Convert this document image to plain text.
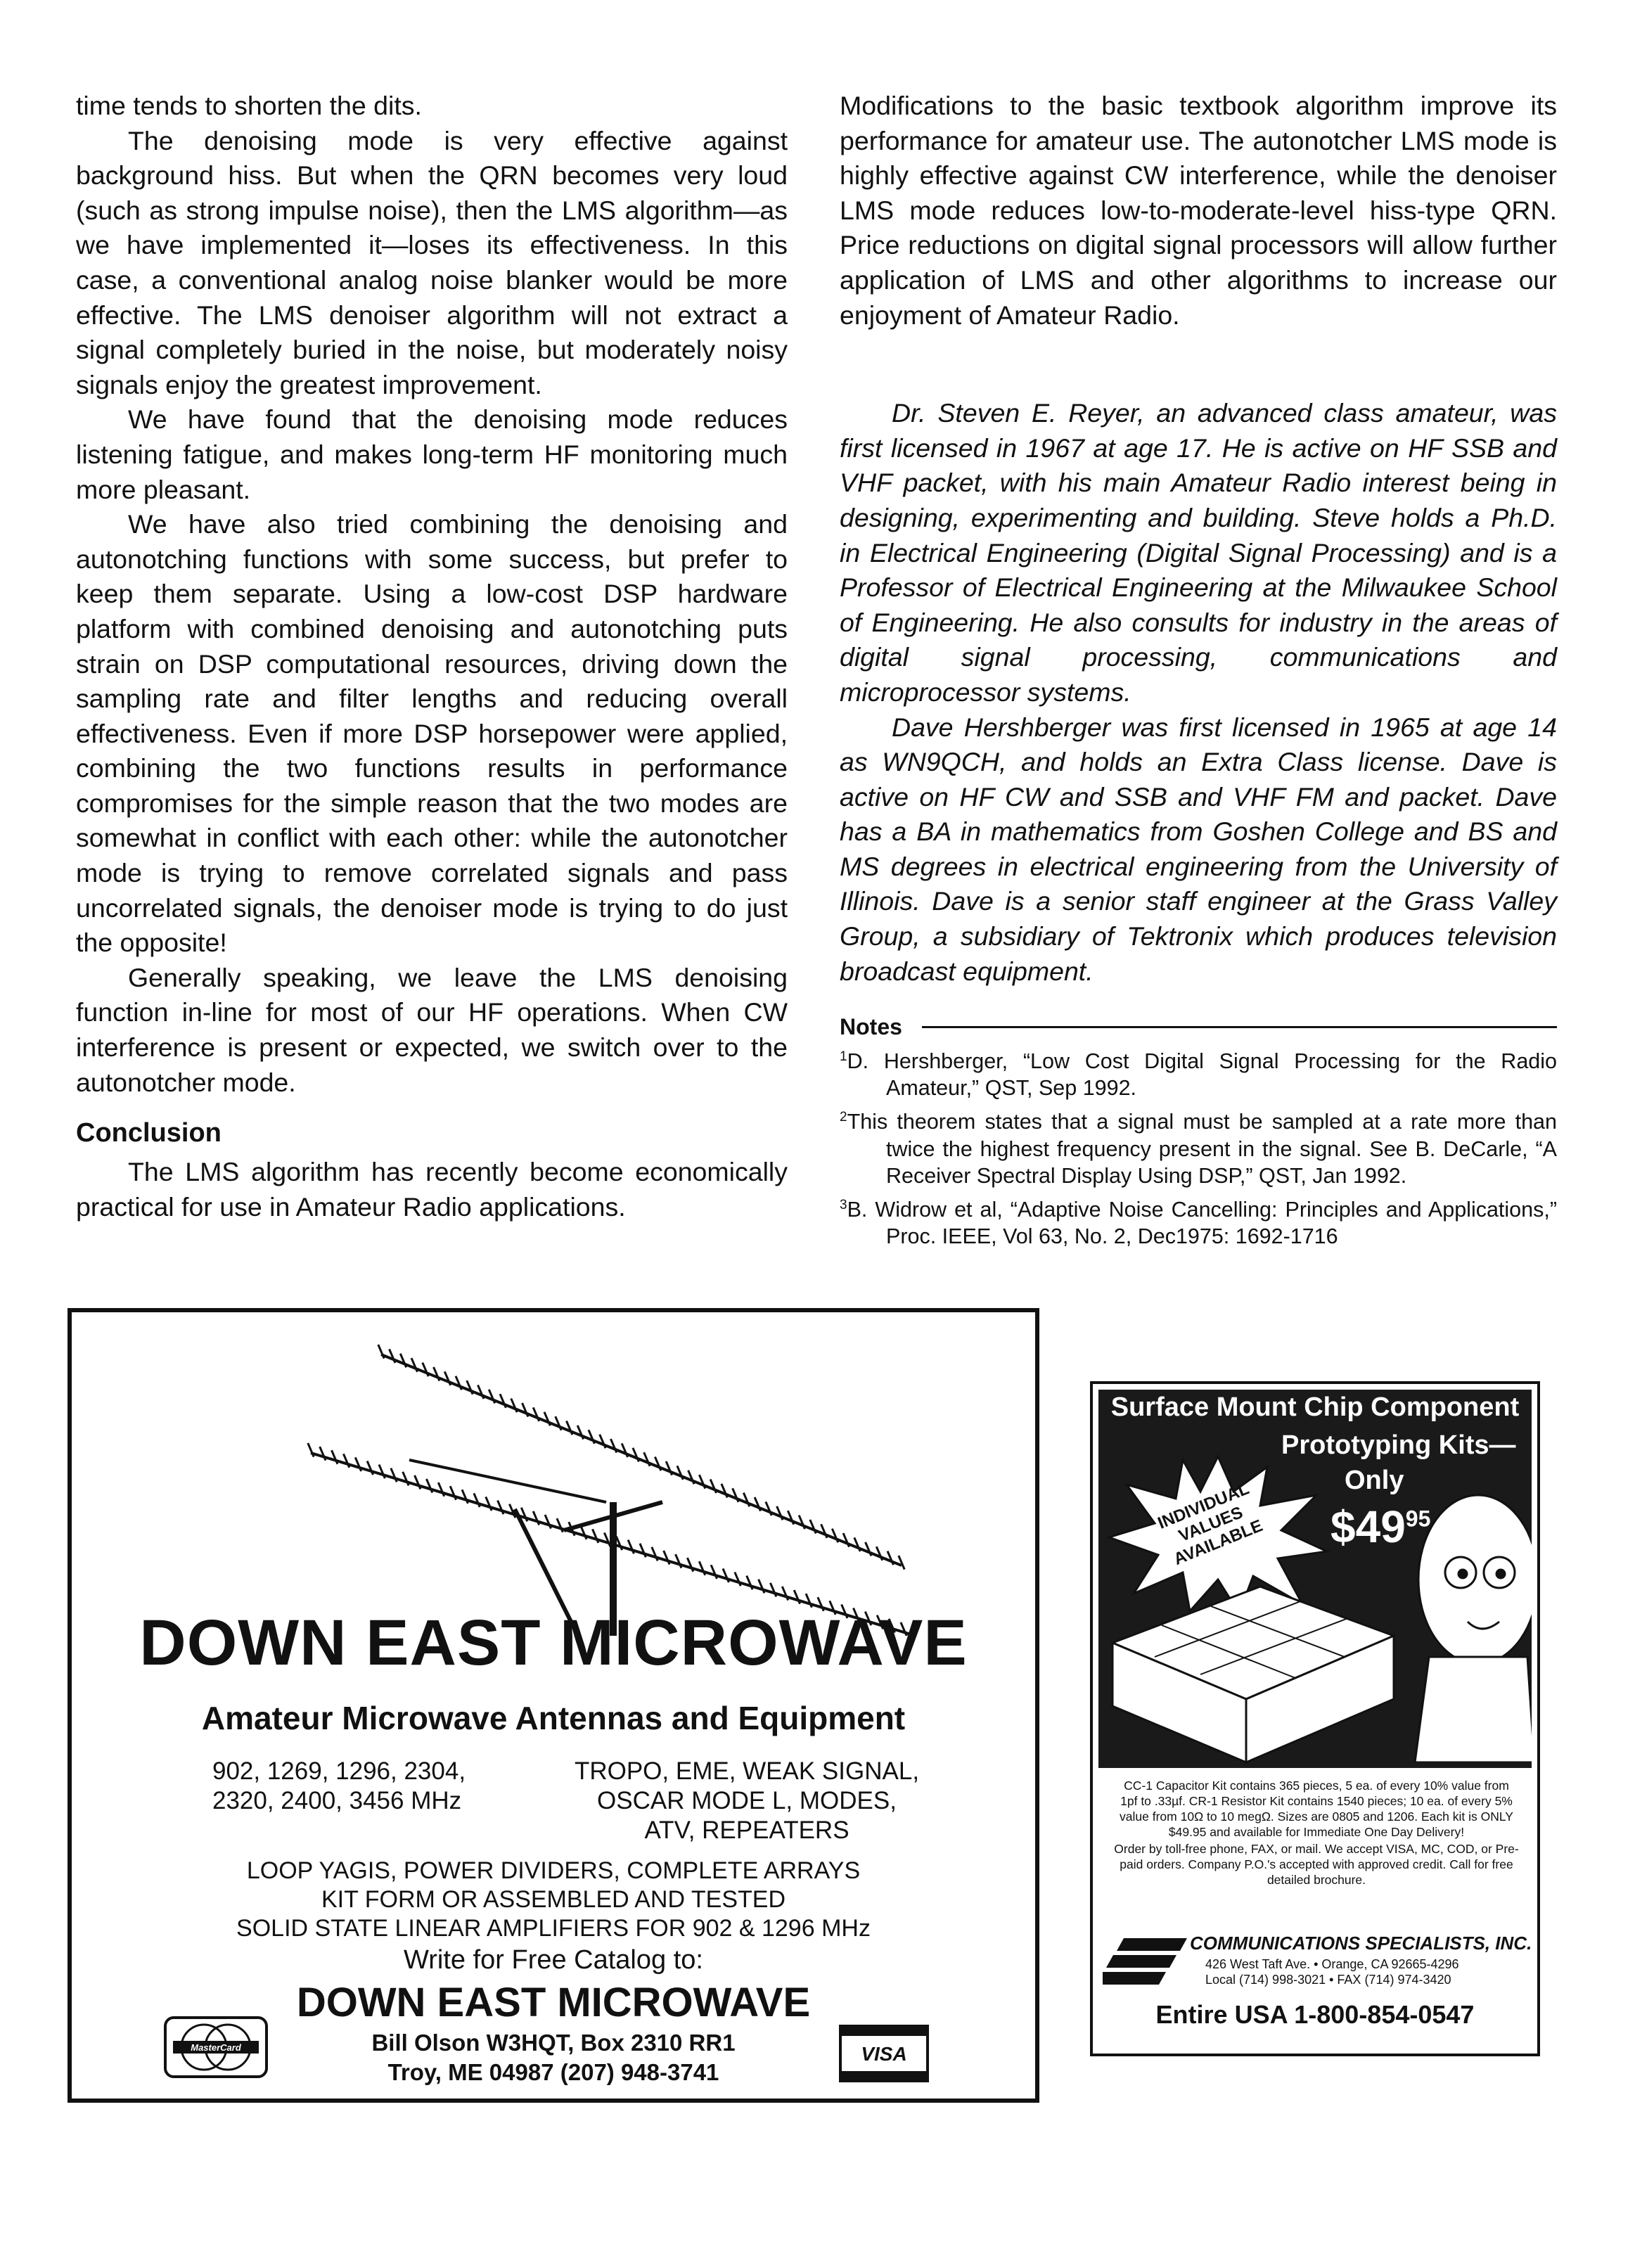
time tends to shorten the dits.

The denoising mode is very effective against background hiss. But when the QRN becomes very loud (such as strong impulse noise), then the LMS algorithm—as we have implemented it—loses its effectiveness. In this case, a conventional analog noise blanker would be more effective. The LMS denoiser algorithm will not extract a signal completely buried in the noise, but moderately noisy signals enjoy the greatest improvement.

We have found that the denoising mode reduces listening fatigue, and makes long-term HF monitoring much more pleasant.

We have also tried combining the denoising and autonotching functions with some success, but prefer to keep them separate. Using a low-cost DSP hardware platform with combined denoising and autonotching puts strain on DSP computational resources, driving down the sampling rate and filter lengths and reducing overall effectiveness. Even if more DSP horsepower were applied, combining the two functions results in performance compromises for the simple reason that the two modes are somewhat in conflict with each other: while the autonotcher mode is trying to remove correlated signals and pass uncorrelated signals, the denoiser mode is trying to do just the opposite!

Generally speaking, we leave the LMS denoising function in-line for most of our HF operations. When CW interference is present or expected, we switch over to the autonotcher mode.

Conclusion

The LMS algorithm has recently become economically practical for use in Amateur Radio applications.

Modifications to the basic textbook algorithm improve its performance for amateur use. The autonotcher LMS mode is highly effective against CW interference, while the denoiser LMS mode reduces low-to-moderate-level hiss-type QRN. Price reductions on digital signal processors will allow further application of LMS and other algorithms to increase our enjoyment of Amateur Radio.

Dr. Steven E. Reyer, an advanced class amateur, was first licensed in 1967 at age 17. He is active on HF SSB and VHF packet, with his main Amateur Radio interest being in designing, experimenting and building. Steve holds a Ph.D. in Electrical Engineering (Digital Signal Processing) and is a Professor of Electrical Engineering at the Milwaukee School of Engineering. He also consults for industry in the areas of digital signal processing, communications and microprocessor systems.

Dave Hershberger was first licensed in 1965 at age 14 as WN9QCH, and holds an Extra Class license. Dave is active on HF CW and SSB and VHF FM and packet. Dave has a BA in mathematics from Goshen College and BS and MS degrees in electrical engineering from the University of Illinois. Dave is a senior staff engineer at the Grass Valley Group, a subsidiary of Tektronix which produces television broadcast equipment.

Notes

$^1$D. Hershberger, “Low Cost Digital Signal Processing for the Radio Amateur,” QST, Sep 1992.

$^2$This theorem states that a signal must be sampled at a rate more than twice the highest frequency present in the signal. See B. DeCarle, “A Receiver Spectral Display Using DSP,” QST, Jan 1992.

$^3$B. Widrow et al, “Adaptive Noise Cancelling: Principles and Applications,” Proc. IEEE, Vol 63, No. 2, Dec1975: 1692-1716

DOWN EAST MICROWAVE
Amateur Microwave Antennas and Equipment
902, 1269, 1296, 2304,
2320, 2400, 3456 MHz
TROPO, EME, WEAK SIGNAL,
OSCAR MODE L, MODES,
ATV, REPEATERS
LOOP YAGIS, POWER DIVIDERS, COMPLETE ARRAYS
KIT FORM OR ASSEMBLED AND TESTED
SOLID STATE LINEAR AMPLIFIERS FOR 902 & 1296 MHz
Write for Free Catalog to:
DOWN EAST MICROWAVE
Bill Olson W3HQT, Box 2310 RR1
Troy, ME 04987 (207) 948-3741
MasterCard	VISA
Surface Mount Chip Component
Prototyping Kits—
Only
$\$49^{95}$
INDIVIDUAL VALUES AVAILABLE

CC-1 Capacitor Kit contains 365 pieces, 5 ea. of every 10% value from 1pf to .33µf. CR-1 Resistor Kit contains 1540 pieces; 10 ea. of every 5% value from 10Ω to 10 megΩ. Sizes are 0805 and 1206. Each kit is ONLY $49.95 and available for Immediate One Day Delivery!

Order by toll-free phone, FAX, or mail. We accept VISA, MC, COD, or Pre-paid orders. Company P.O.'s accepted with approved credit. Call for free detailed brochure.

COMMUNICATIONS SPECIALISTS, INC.
426 West Taft Ave. • Orange, CA 92665-4296
Local (714) 998-3021 • FAX (714) 974-3420
Entire USA 1-800-854-0547
